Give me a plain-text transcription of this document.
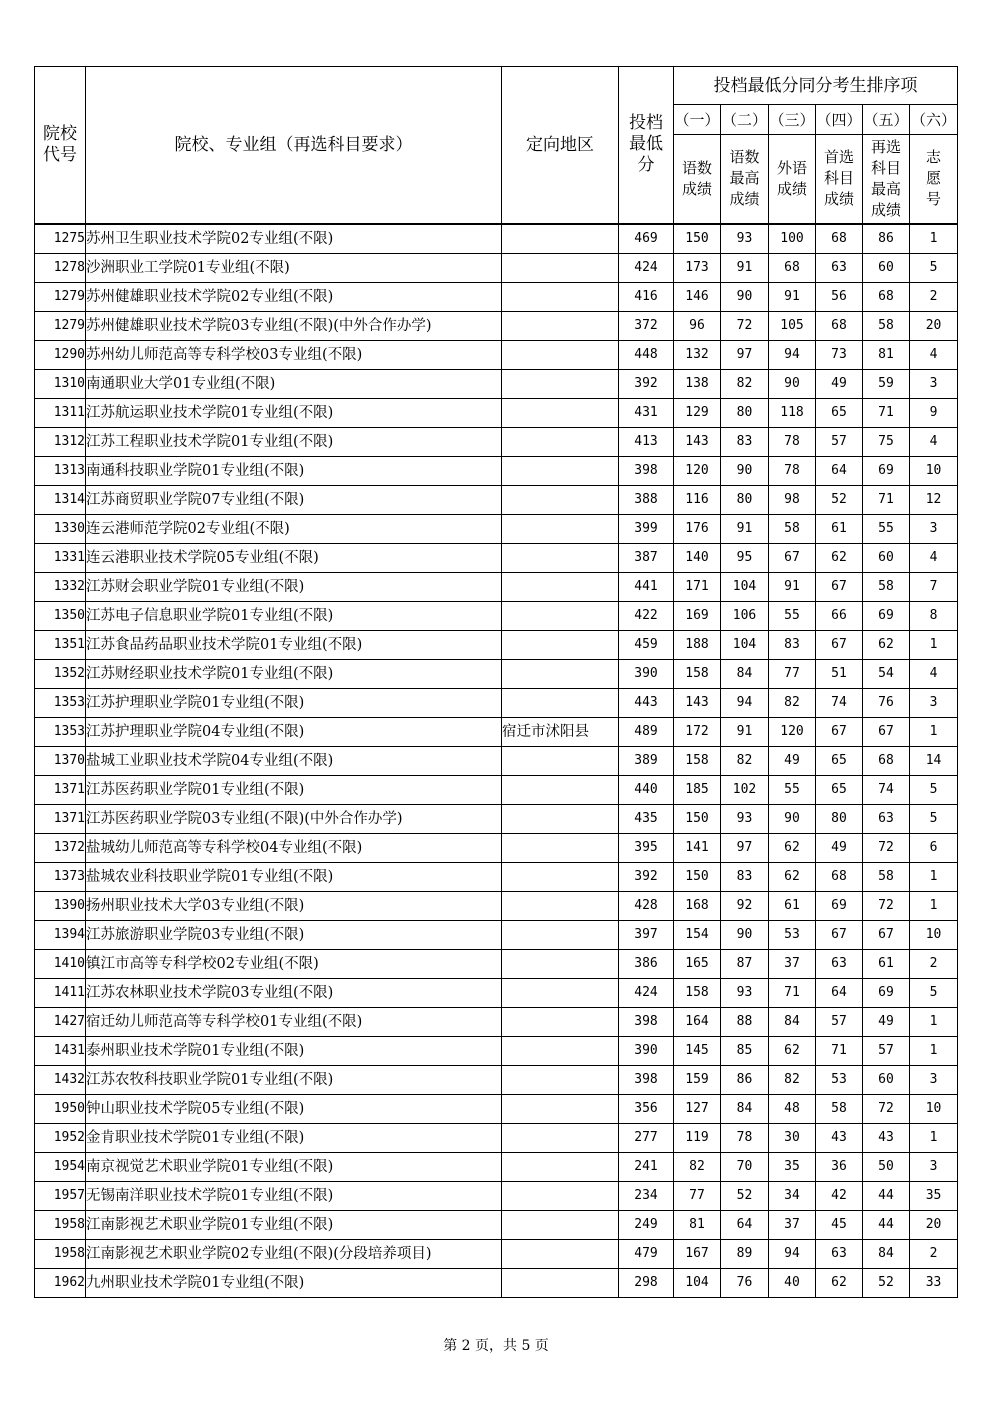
院校代号	院校、专业组（再选科目要求）	定向地区	投档最低分	投档最低分同分考生排序项					
				（一）	（二）	（三）	（四）	（五）	（六）
				语数成绩	语数最高成绩	外语成绩	首选科目成绩	再选科目最高成绩	志愿号
1275	苏州卫生职业技术学院02专业组(不限)		469	150	93	100	68	86	1
1278	沙洲职业工学院01专业组(不限)		424	173	91	68	63	60	5
1279	苏州健雄职业技术学院02专业组(不限)		416	146	90	91	56	68	2
1279	苏州健雄职业技术学院03专业组(不限)(中外合作办学)		372	96	72	105	68	58	20
1290	苏州幼儿师范高等专科学校03专业组(不限)		448	132	97	94	73	81	4
1310	南通职业大学01专业组(不限)		392	138	82	90	49	59	3
1311	江苏航运职业技术学院01专业组(不限)		431	129	80	118	65	71	9
1312	江苏工程职业技术学院01专业组(不限)		413	143	83	78	57	75	4
1313	南通科技职业学院01专业组(不限)		398	120	90	78	64	69	10
1314	江苏商贸职业学院07专业组(不限)		388	116	80	98	52	71	12
1330	连云港师范学院02专业组(不限)		399	176	91	58	61	55	3
1331	连云港职业技术学院05专业组(不限)		387	140	95	67	62	60	4
1332	江苏财会职业学院01专业组(不限)		441	171	104	91	67	58	7
1350	江苏电子信息职业学院01专业组(不限)		422	169	106	55	66	69	8
1351	江苏食品药品职业技术学院01专业组(不限)		459	188	104	83	67	62	1
1352	江苏财经职业技术学院01专业组(不限)		390	158	84	77	51	54	4
1353	江苏护理职业学院01专业组(不限)		443	143	94	82	74	76	3
1353	江苏护理职业学院04专业组(不限)	宿迁市沭阳县	489	172	91	120	67	67	1
1370	盐城工业职业技术学院04专业组(不限)		389	158	82	49	65	68	14
1371	江苏医药职业学院01专业组(不限)		440	185	102	55	65	74	5
1371	江苏医药职业学院03专业组(不限)(中外合作办学)		435	150	93	90	80	63	5
1372	盐城幼儿师范高等专科学校04专业组(不限)		395	141	97	62	49	72	6
1373	盐城农业科技职业学院01专业组(不限)		392	150	83	62	68	58	1
1390	扬州职业技术大学03专业组(不限)		428	168	92	61	69	72	1
1394	江苏旅游职业学院03专业组(不限)		397	154	90	53	67	67	10
1410	镇江市高等专科学校02专业组(不限)		386	165	87	37	63	61	2
1411	江苏农林职业技术学院03专业组(不限)		424	158	93	71	64	69	5
1427	宿迁幼儿师范高等专科学校01专业组(不限)		398	164	88	84	57	49	1
1431	泰州职业技术学院01专业组(不限)		390	145	85	62	71	57	1
1432	江苏农牧科技职业学院01专业组(不限)		398	159	86	82	53	60	3
1950	钟山职业技术学院05专业组(不限)		356	127	84	48	58	72	10
1952	金肯职业技术学院01专业组(不限)		277	119	78	30	43	43	1
1954	南京视觉艺术职业学院01专业组(不限)		241	82	70	35	36	50	3
1957	无锡南洋职业技术学院01专业组(不限)		234	77	52	34	42	44	35
1958	江南影视艺术职业学院01专业组(不限)		249	81	64	37	45	44	20
1958	江南影视艺术职业学院02专业组(不限)(分段培养项目)		479	167	89	94	63	84	2
1962	九州职业技术学院01专业组(不限)		298	104	76	40	62	52	33
第 2 页，共 5 页
